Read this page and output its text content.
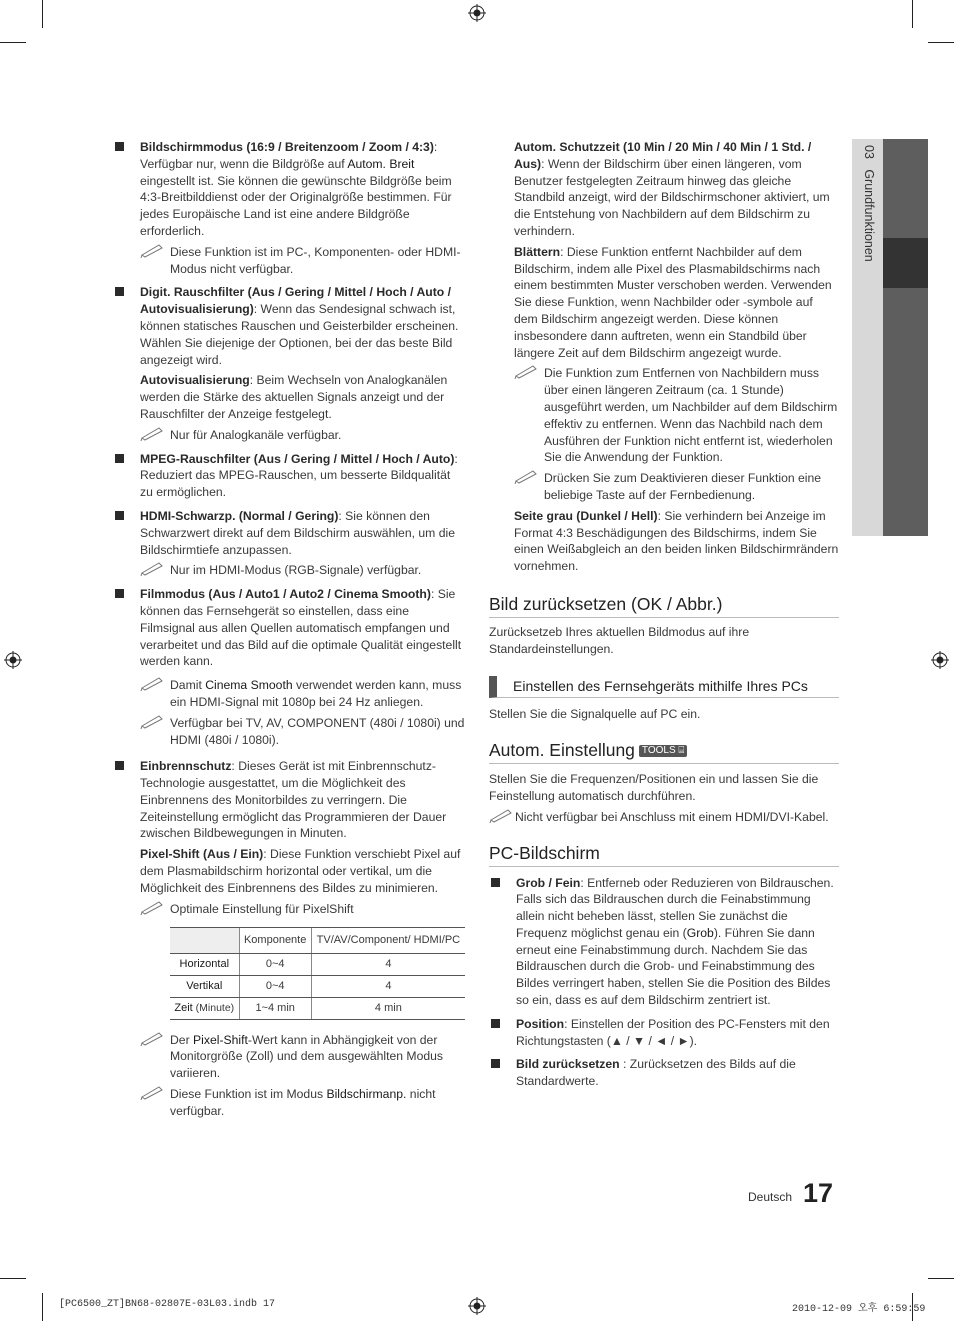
03   Grundfunktionen

Bildschirmmodus (16:9 / Breitenzoom / Zoom / 4:3): Verfügbar nur, wenn die Bildgröße auf Autom. Breit eingestellt ist. Sie können die gewünschte Bildgröße beim 4:3-Breitbilddienst oder der Originalgröße bestimmen. Für jedes Europäische Land ist eine andere Bildgröße erforderlich.

Diese Funktion ist im PC-, Komponenten- oder HDMI-Modus nicht verfügbar.

Digit. Rauschfilter (Aus / Gering / Mittel / Hoch / Auto / Autovisualisierung): Wenn das Sendesignal schwach ist, können statisches Rauschen und Geisterbilder erscheinen. Wählen Sie diejenige der Optionen, bei der das beste Bild angezeigt wird.

Autovisualisierung: Beim Wechseln von Analogkanälen werden die Stärke des aktuellen Signals anzeigt und der Rauschfilter der Anzeige festgelegt.

Nur für Analogkanäle verfügbar.

MPEG-Rauschfilter (Aus / Gering / Mittel / Hoch / Auto): Reduziert das MPEG-Rauschen, um besserte Bildqualität zu ermöglichen.

HDMI-Schwarzp. (Normal / Gering): Sie können den Schwarzwert direkt auf dem Bildschirm auswählen, um die Bildschirmtiefe anzupassen.

Nur im HDMI-Modus (RGB-Signale) verfügbar.

Filmmodus (Aus / Auto1 / Auto2 / Cinema Smooth): Sie können das Fernsehgerät so einstellen, dass eine Filmsignal aus allen Quellen automatisch empfangen und verarbeitet und das Bild auf die optimale Qualität eingestellt werden kann.

Damit Cinema Smooth verwendet werden kann, muss ein HDMI-Signal mit 1080p bei 24 Hz anliegen.
Verfügbar bei TV, AV, COMPONENT (480i / 1080i) und HDMI (480i / 1080i).

Einbrennschutz: Dieses Gerät ist mit Einbrennschutz-Technologie ausgestattet, um die Möglichkeit des Einbrennens des Monitorbildes zu verringern. Die Zeiteinstellung ermöglicht das Programmieren der Dauer zwischen Bildbewegungen in Minuten.

Pixel-Shift (Aus / Ein): Diese Funktion verschiebt Pixel auf dem Plasmabildschirm horizontal oder vertikal, um die Möglichkeit des Einbrennens des Bildes zu minimieren.

Optimale Einstellung für PixelShift
	Komponente	TV/AV/Component/ HDMI/PC
Horizontal	0~4	4
Vertikal	0~4	4
Zeit (Minute)	1~4 min	4 min
Der Pixel-Shift-Wert kann in Abhängigkeit von der Monitorgröße (Zoll) und dem ausgewählten Modus variieren.
Diese Funktion ist im Modus Bildschirmanp. nicht verfügbar.

Autom. Schutzzeit (10 Min / 20 Min / 40 Min / 1 Std. / Aus): Wenn der Bildschirm über einen längeren, vom Benutzer festgelegten Zeitraum hinweg das gleiche Standbild anzeigt, wird der Bildschirmschoner aktiviert, um die Entstehung von Nachbildern auf dem Bildschirm zu verhindern.

Blättern: Diese Funktion entfernt Nachbilder auf dem Bildschirm, indem alle Pixel des Plasmabildschirms nach einem bestimmten Muster verschoben werden. Verwenden Sie diese Funktion, wenn Nachbilder oder -symbole auf dem Bildschirm angezeigt werden. Diese können insbesondere dann auftreten, wenn ein Standbild über längere Zeit auf dem Bildschirm angezeigt wurde.

Die Funktion zum Entfernen von Nachbildern muss über einen längeren Zeitraum (ca. 1 Stunde) ausgeführt werden, um Nachbilder auf dem Bildschirm effektiv zu entfernen. Wenn das Nachbild nach dem Ausführen der Funktion nicht entfernt ist, wiederholen Sie die Anwendung der Funktion.
Drücken Sie zum Deaktivieren dieser Funktion eine beliebige Taste auf der Fernbedienung.

Seite grau (Dunkel / Hell): Sie verhindern bei Anzeige im Format 4:3 Beschädigungen des Bildschirms, indem Sie einen Weißabgleich an den beiden linken Bildschirmrändern vornehmen.

Bild zurücksetzen (OK / Abbr.)

Zurücksetzeb Ihres aktuellen Bildmodus auf ihre Standardeinstellungen.

Einstellen des Fernsehgeräts mithilfe Ihres PCs

Stellen Sie die Signalquelle auf PC ein.

Autom. Einstellung TOOLS ⌸

Stellen Sie die Frequenzen/Positionen ein und lassen Sie die Feinstellung automatisch durchführen.

Nicht verfügbar bei Anschluss mit einem HDMI/DVI-Kabel.
PC-Bildschirm

Grob / Fein: Entferneb oder Reduzieren von Bildrauschen. Falls sich das Bildrauschen durch die Feinabstimmung allein nicht beheben lässt, stellen Sie zunächst die Frequenz möglichst genau ein (Grob). Führen Sie dann erneut eine Feinabstimmung durch. Nachdem Sie das Bildrauschen durch die Grob- und Feinabstimmung des Bildes verringert haben, stellen Sie die Position des Bildes so ein, dass es auf dem Bildschirm zentriert ist.

Position: Einstellen der Position des PC-Fensters mit den Richtungstasten (▲ / ▼ / ◄ / ►).

Bild zurücksetzen : Zurücksetzen des Bilds auf die Standardwerte.

Deutsch 17
[PC6500_ZT]BN68-02807E-03L03.indb 17	2010-12-09 오후 6:59:59
